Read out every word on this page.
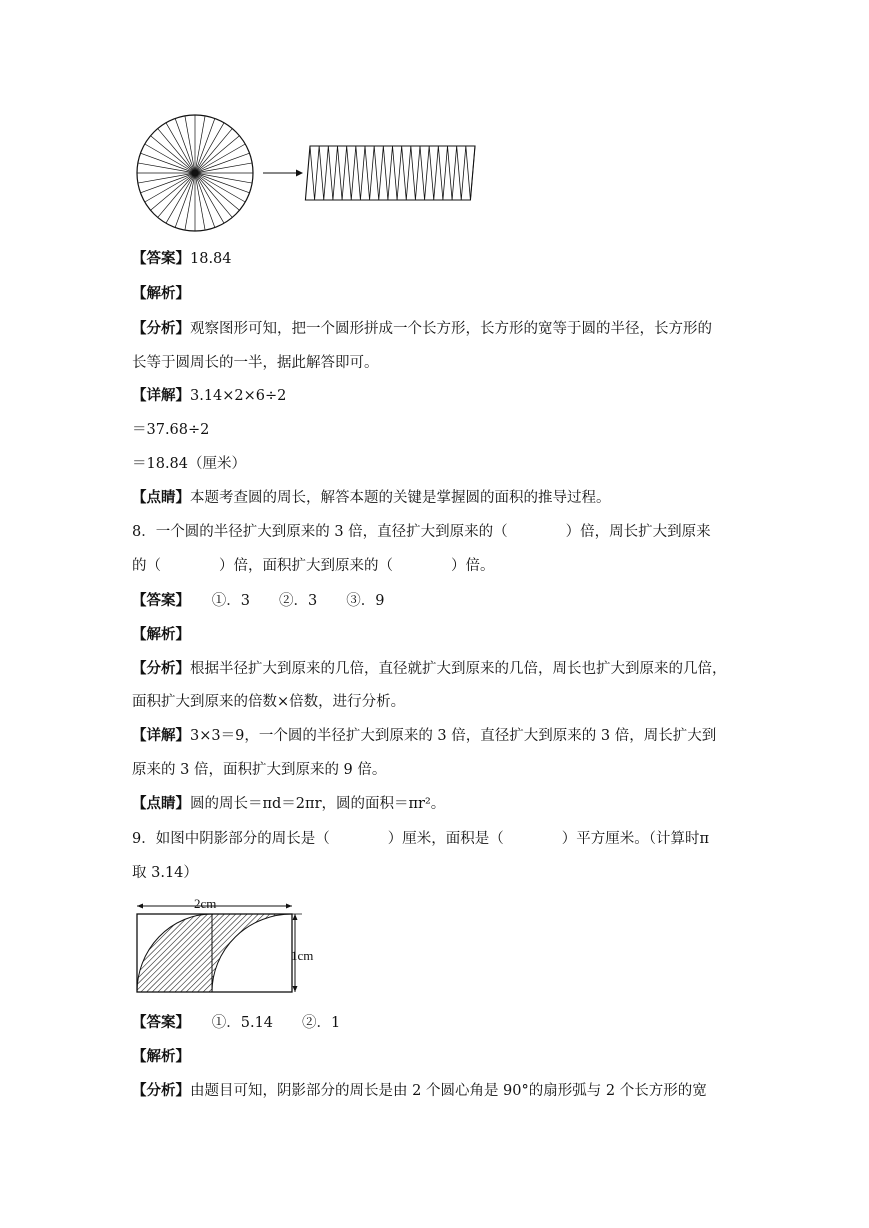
【答案】18.84
【解析】
【分析】观察图形可知，把一个圆形拼成一个长方形，长方形的宽等于圆的半径，长方形的
长等于圆周长的一半，据此解答即可。
【详解】3.14×2×6÷2
＝37.68÷2
＝18.84（厘米）
【点睛】本题考查圆的周长，解答本题的关键是掌握圆的面积的推导过程。
8．一个圆的半径扩大到原来的 3 倍，直径扩大到原来的（　　　　）倍，周长扩大到原来
的（　　　　）倍，面积扩大到原来的（　　　　）倍。
【答案】　　①．3　　②．3　　③．9
【解析】
【分析】根据半径扩大到原来的几倍，直径就扩大到原来的几倍，周长也扩大到原来的几倍，
面积扩大到原来的倍数×倍数，进行分析。
【详解】3×3＝9，一个圆的半径扩大到原来的 3 倍，直径扩大到原来的 3 倍，周长扩大到
原来的 3 倍，面积扩大到原来的 9 倍。
【点睛】圆的周长＝πd＝2πr，圆的面积＝πr²。
9．如图中阴影部分的周长是（　　　　）厘米，面积是（　　　　）平方厘米。（计算时π
取 3.14）
2cm
1cm
【答案】　　①．5.14　　②．1
【解析】
【分析】由题目可知，阴影部分的周长是由 2 个圆心角是 90°的扇形弧与 2 个长方形的宽
